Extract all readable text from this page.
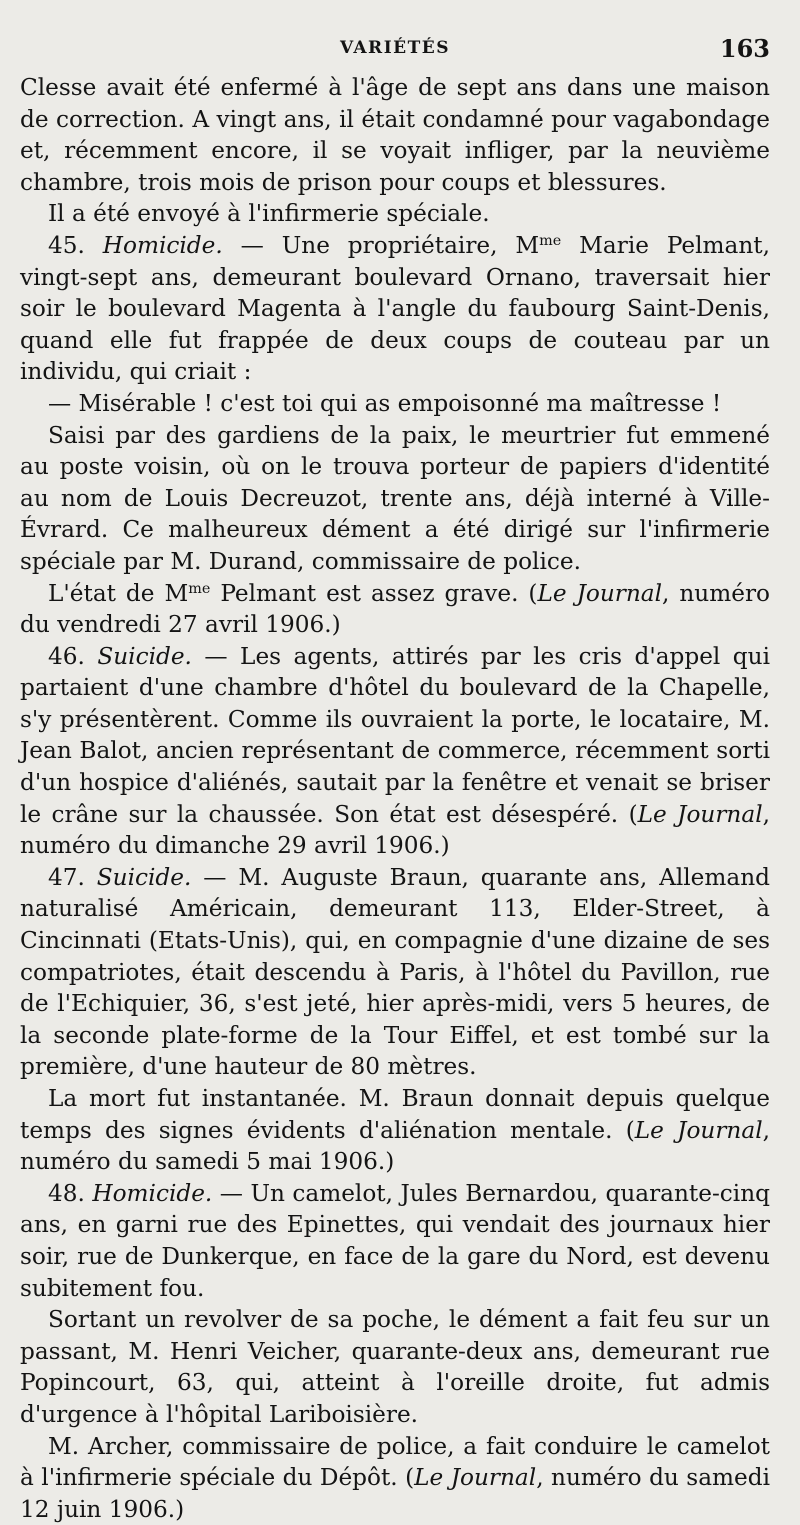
VARIÉTÉS	163

Clesse avait été enfermé à l'âge de sept ans dans une maison de correction. A vingt ans, il était condamné pour vagabondage et, récemment encore, il se voyait infliger, par la neuvième chambre, trois mois de prison pour coups et blessures.

Il a été envoyé à l'infirmerie spéciale.

45. Homicide. — Une propriétaire, $M^{me}$ Marie Pelmant, vingt-sept ans, demeurant boulevard Ornano, traversait hier soir le boulevard Magenta à l'angle du faubourg Saint-Denis, quand elle fut frappée de deux coups de couteau par un individu, qui criait :

— Misérable ! c'est toi qui as empoisonné ma maîtresse !

Saisi par des gardiens de la paix, le meurtrier fut emmené au poste voisin, où on le trouva porteur de papiers d'identité au nom de Louis Decreuzot, trente ans, déjà interné à Ville-Évrard. Ce malheureux dément a été dirigé sur l'infirmerie spéciale par M. Durand, commissaire de police.

L'état de $M^{me}$ Pelmant est assez grave. (Le Journal, numéro du vendredi 27 avril 1906.)

46. Suicide. — Les agents, attirés par les cris d'appel qui partaient d'une chambre d'hôtel du boulevard de la Chapelle, s'y présentèrent. Comme ils ouvraient la porte, le locataire, M. Jean Balot, ancien représentant de commerce, récemment sorti d'un hospice d'aliénés, sautait par la fenêtre et venait se briser le crâne sur la chaussée. Son état est désespéré. (Le Journal, numéro du dimanche 29 avril 1906.)

47. Suicide. — M. Auguste Braun, quarante ans, Allemand naturalisé Américain, demeurant 113, Elder-Street, à Cincinnati (Etats-Unis), qui, en compagnie d'une dizaine de ses compatriotes, était descendu à Paris, à l'hôtel du Pavillon, rue de l'Echiquier, 36, s'est jeté, hier après-midi, vers 5 heures, de la seconde plate-forme de la Tour Eiffel, et est tombé sur la première, d'une hauteur de 80 mètres.

La mort fut instantanée. M. Braun donnait depuis quelque temps des signes évidents d'aliénation mentale. (Le Journal, numéro du samedi 5 mai 1906.)

48. Homicide. — Un camelot, Jules Bernardou, quarante-cinq ans, en garni rue des Epinettes, qui vendait des journaux hier soir, rue de Dunkerque, en face de la gare du Nord, est devenu subitement fou.

Sortant un revolver de sa poche, le dément a fait feu sur un passant, M. Henri Veicher, quarante-deux ans, demeurant rue Popincourt, 63, qui, atteint à l'oreille droite, fut admis d'urgence à l'hôpital Lariboisière.

M. Archer, commissaire de police, a fait conduire le camelot à l'infirmerie spéciale du Dépôt. (Le Journal, numéro du samedi 12 juin 1906.)
